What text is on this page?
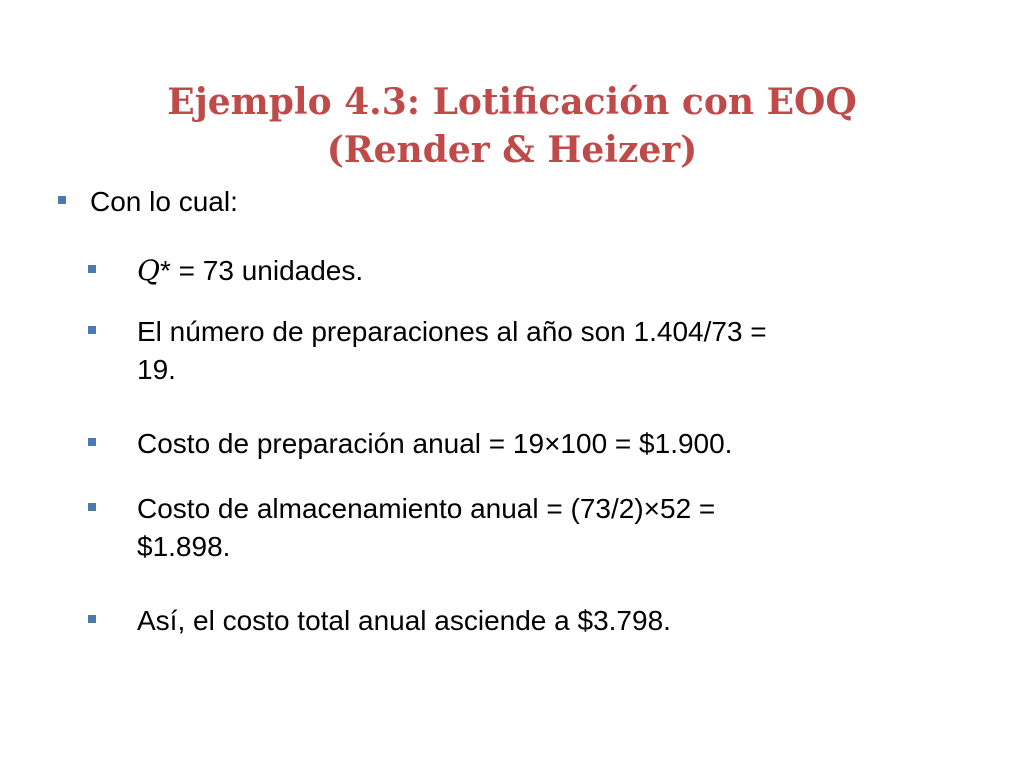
Ejemplo 4.3: Lotificación con EOQ
(Render & Heizer)
Con lo cual:
Q* = 73 unidades.
El número de preparaciones al año son 1.404/73 =
19.
Costo de preparación anual = 19×100 = $1.900.
Costo de almacenamiento anual = (73/2)×52 =
$1.898.
Así, el costo total anual asciende a $3.798.
